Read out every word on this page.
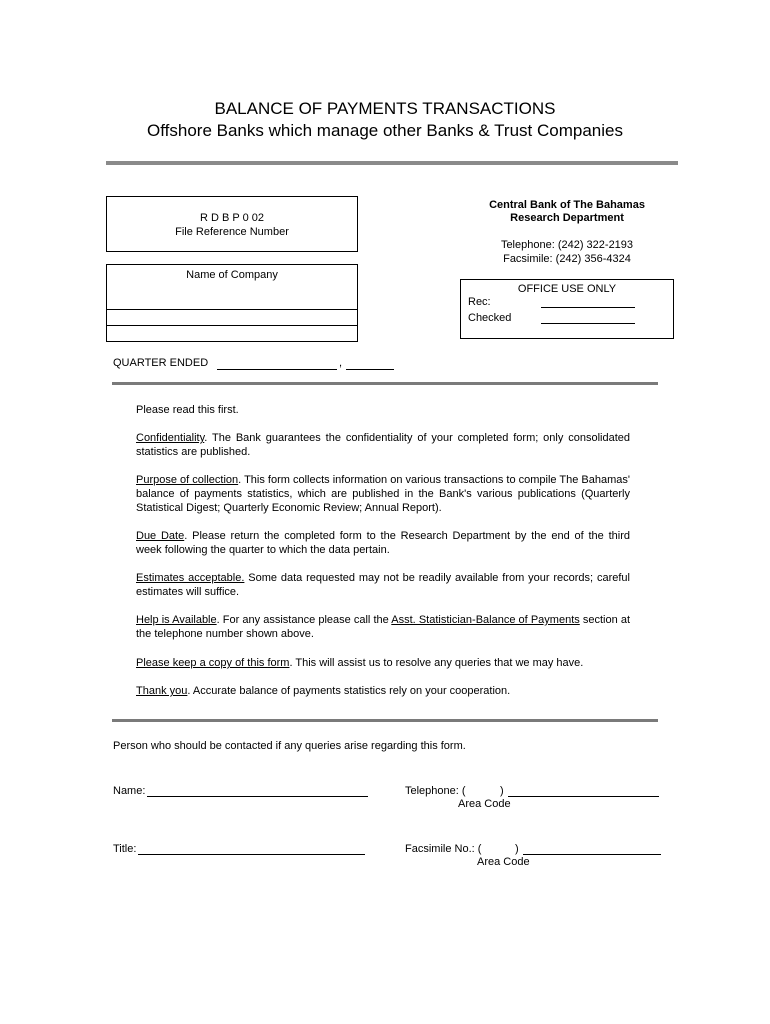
BALANCE OF PAYMENTS TRANSACTIONS
Offshore Banks which manage other Banks & Trust Companies
R D B P 0 02
File Reference Number
Name of Company
Central Bank of The Bahamas
Research Department
Telephone: (242) 322-2193
Facsimile: (242) 356-4324
OFFICE USE ONLY
Rec:
Checked
QUARTER ENDED	,
Please read this first.
Confidentiality. The Bank guarantees the confidentiality of your completed form; only consolidated statistics are published.
Purpose of collection. This form collects information on various transactions to compile The Bahamas' balance of payments statistics, which are published in the Bank's various publications (Quarterly Statistical Digest; Quarterly Economic Review; Annual Report).
Due Date. Please return the completed form to the Research Department by the end of the third week following the quarter to which the data pertain.
Estimates acceptable. Some data requested may not be readily available from your records; careful estimates will suffice.
Help is Available. For any assistance please call the Asst. Statistician-Balance of Payments section at the telephone number shown above.
Please keep a copy of this form. This will assist us to resolve any queries that we may have.
Thank you. Accurate balance of payments statistics rely on your cooperation.
Person who should be contacted if any queries arise regarding this form.
Name:	Telephone: (	)
Area Code
Title:	Facsimile No.: (	)
Area Code
